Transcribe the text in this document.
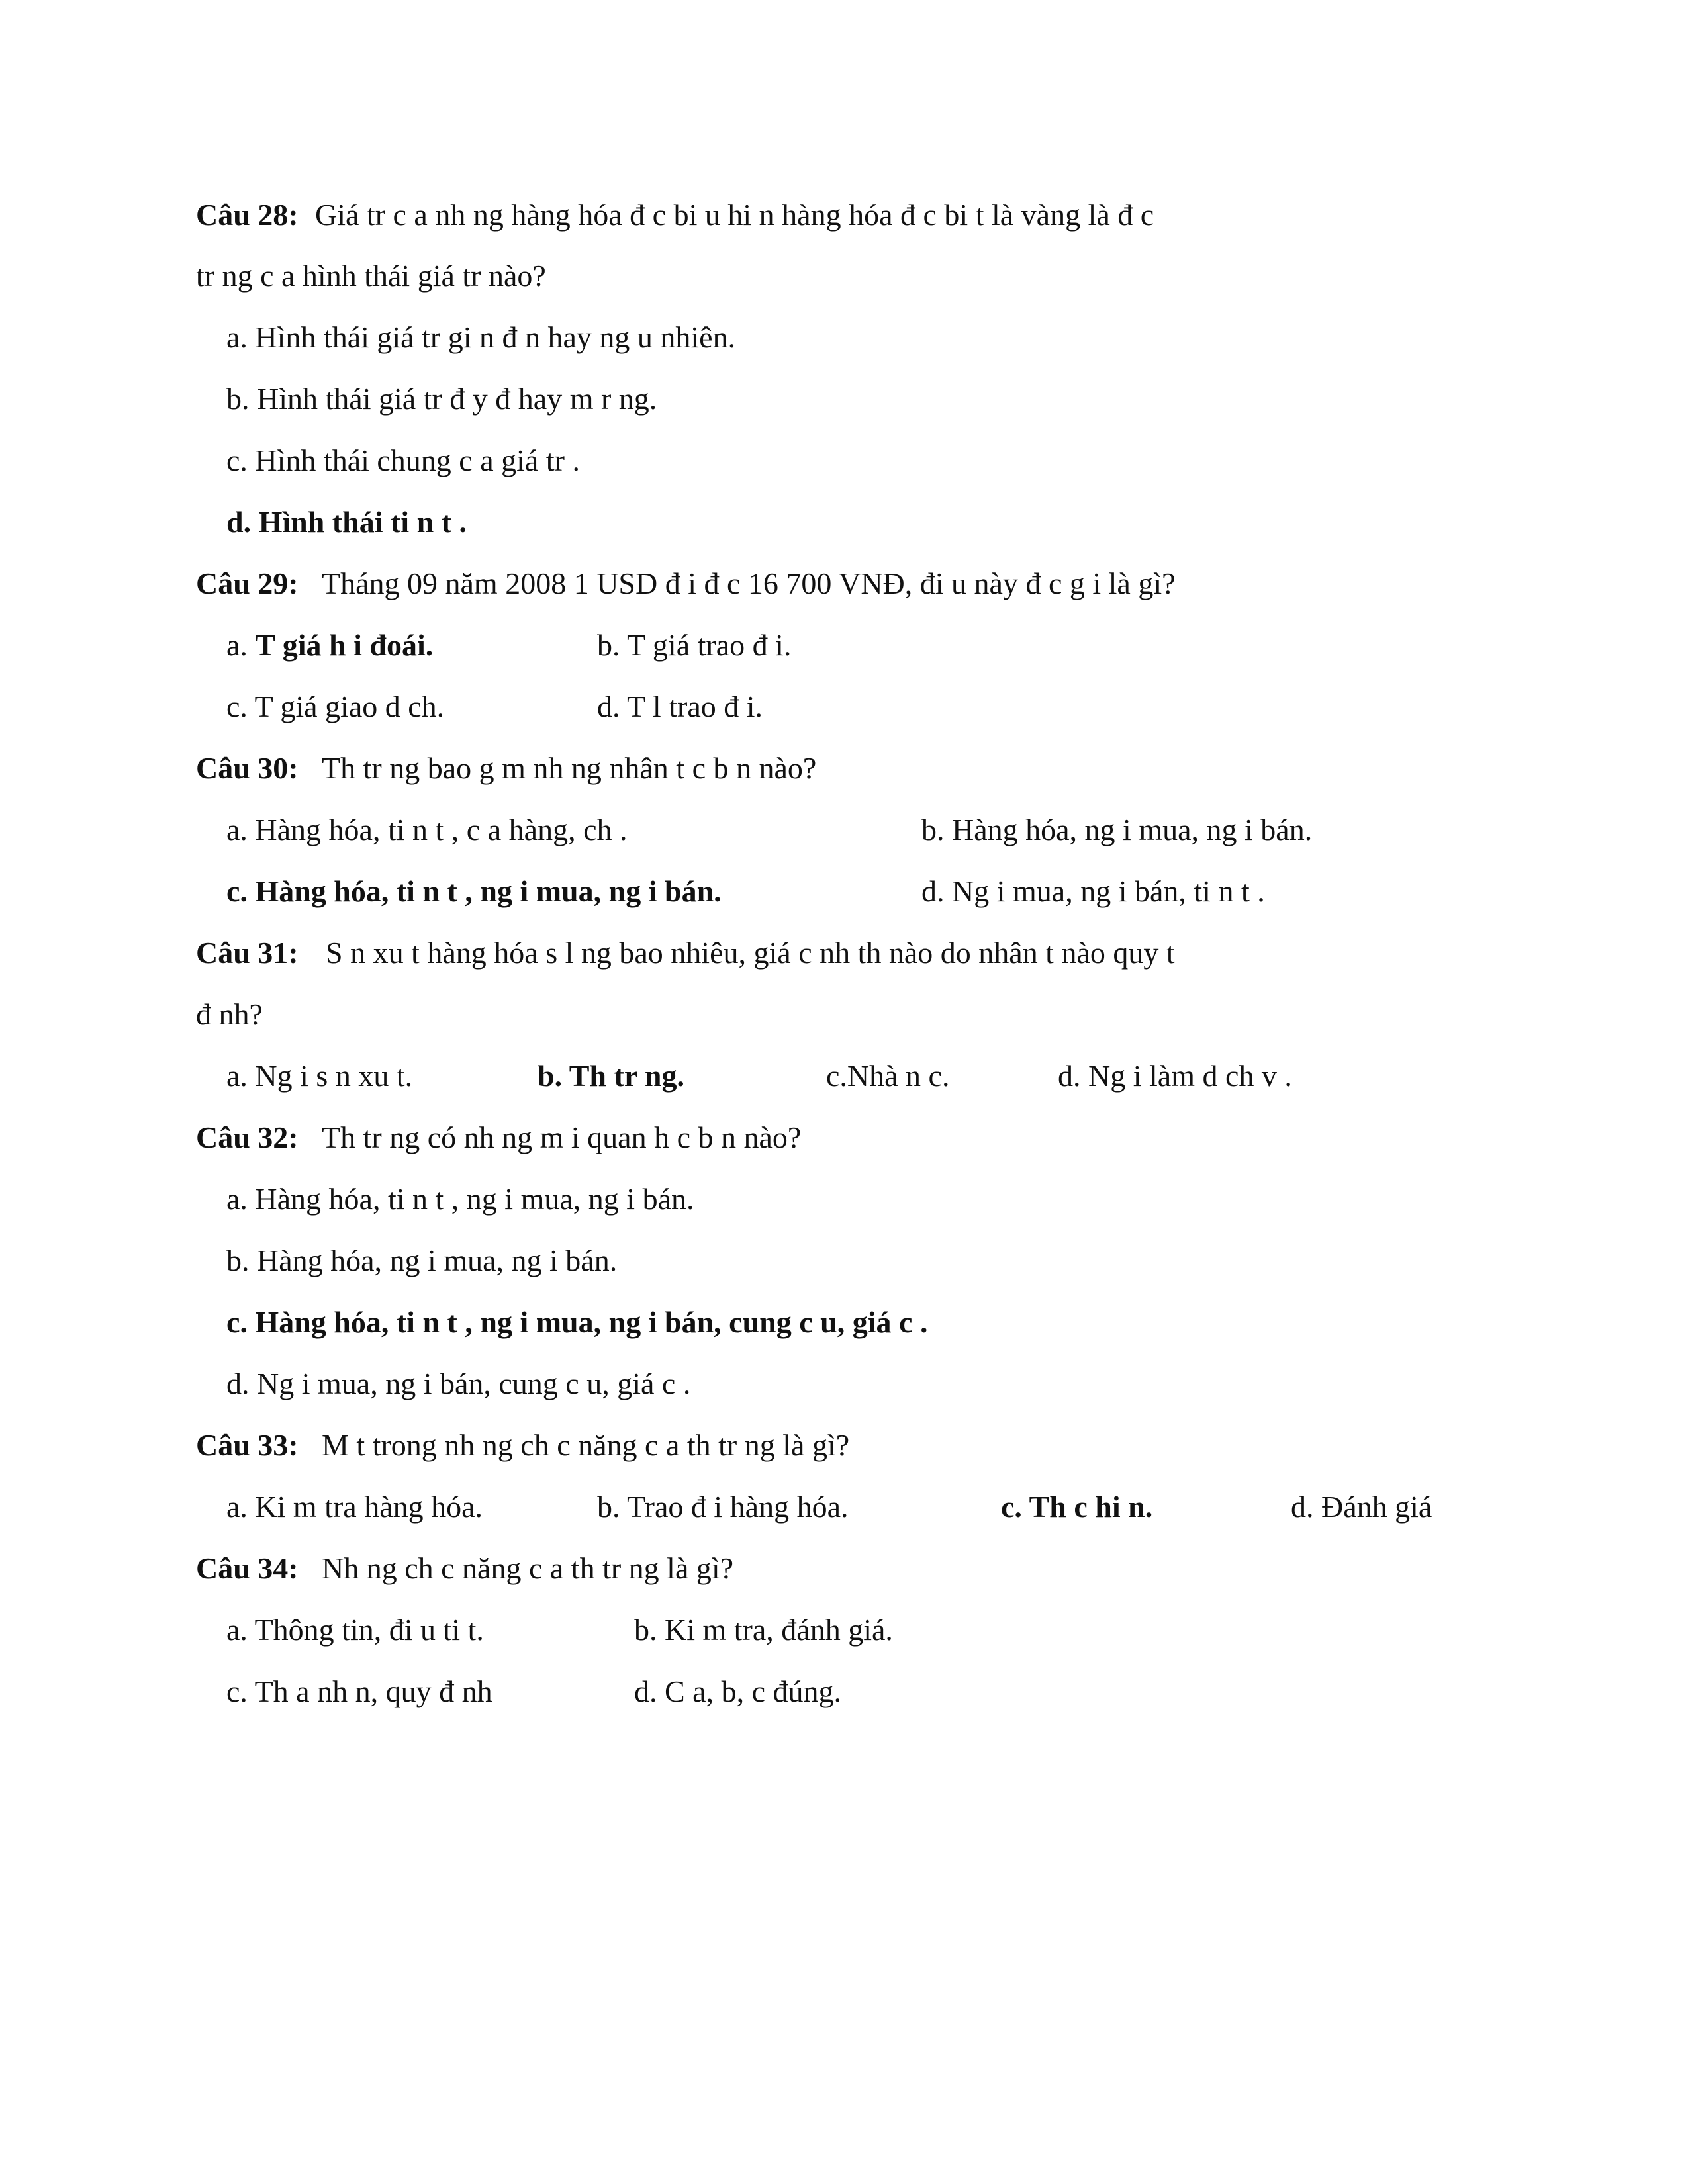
Câu 28:

Giá tr c a nh ng hàng hóa đ c bi u hi n hàng hóa đ c bi t là vàng là đ c

tr ng c a hình thái giá tr nào?

a. Hình thái giá tr gi n đ n hay ng u nhiên.

b. Hình thái giá tr đ y đ hay m r ng.

c. Hình thái chung c a giá tr .

d. Hình thái ti n t .

Câu 29:

Tháng 09 năm 2008 1 USD đ i đ c 16 700 VNĐ, đi u này đ c g i là gì?

a. T giá h i đoái.

	b. T giá trao đ i.

c. T giá giao d ch.

	d. T l trao đ i.

Câu 30:

Th tr ng bao g m nh ng nhân t c b n nào?

a. Hàng hóa, ti n t , c a hàng, ch .

	b. Hàng hóa, ng i mua, ng i bán.

c. Hàng hóa, ti n t , ng i mua, ng i bán.

	d. Ng i mua, ng i bán, ti n t .

Câu 31:

S n xu t hàng hóa s l ng bao nhiêu, giá c nh th nào do nhân t nào quy t

đ nh?

a. Ng i s n xu t.

	b. Th tr ng.

	c.Nhà n c.

	d. Ng i làm d ch v .

Câu 32:

Th tr ng có nh ng m i quan h c b n nào?

a. Hàng hóa, ti n t , ng i mua, ng i bán.

b. Hàng hóa, ng i mua, ng i bán.

c. Hàng hóa, ti n t , ng i mua, ng i bán, cung c u, giá c .

d. Ng i mua, ng i bán, cung c u, giá c .

Câu 33:

M t trong nh ng ch c năng c a th tr ng là gì?

a. Ki m tra hàng hóa.

	b. Trao đ i hàng hóa.

	c. Th c hi n.

	d. Đánh giá

Câu 34:

Nh ng ch c năng c a th tr ng là gì?

a. Thông tin, đi u ti t.

	b. Ki m tra, đánh giá.

c. Th a nh n, quy đ nh

	d. C a, b, c đúng.
